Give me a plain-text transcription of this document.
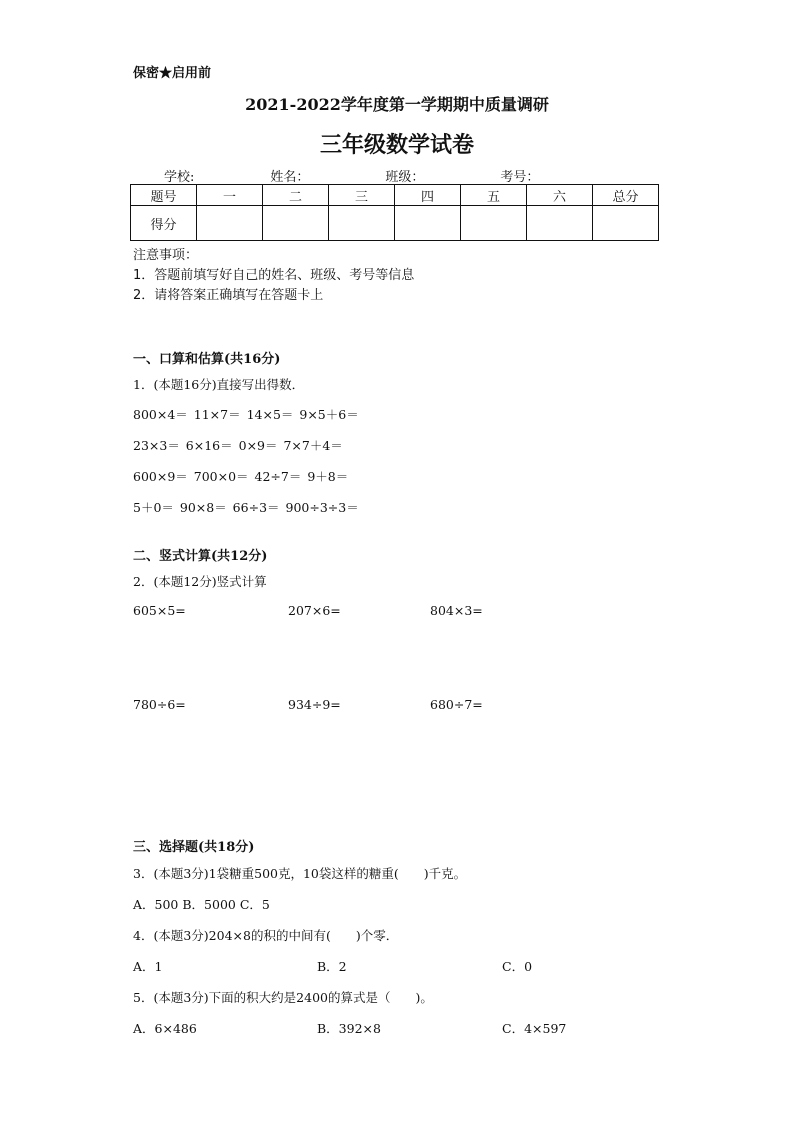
保密★启用前
2021-2022学年度第一学期期中质量调研
三年级数学试卷
学校:	姓名：	班级：	考号：
题号	一	二	三	四	五	六	总分
得分							
注意事项：
1．答题前填写好自己的姓名、班级、考号等信息
2．请将答案正确填写在答题卡上
一、口算和估算(共16分)
1．(本题16分)直接写出得数．
800×4＝ 11×7＝ 14×5＝ 9×5＋6＝
23×3＝ 6×16＝ 0×9＝ 7×7＋4＝
600×9＝ 700×0＝ 42÷7＝ 9＋8＝
5＋0＝ 90×8＝ 66÷3＝ 900÷3÷3＝
二、竖式计算(共12分)
2．(本题12分)竖式计算
605×5=	207×6=	804×3=
780÷6=	934÷9=	680÷7=
三、选择题(共18分)
3．(本题3分)1袋糖重500克，10袋这样的糖重(　　)千克。
A．500 B．5000 C．5
4．(本题3分)204×8的积的中间有(　　)个零．
A．1	B．2	C．0
5．(本题3分)下面的积大约是2400的算式是（　　)。
A．6×486	B．392×8	C．4×597
